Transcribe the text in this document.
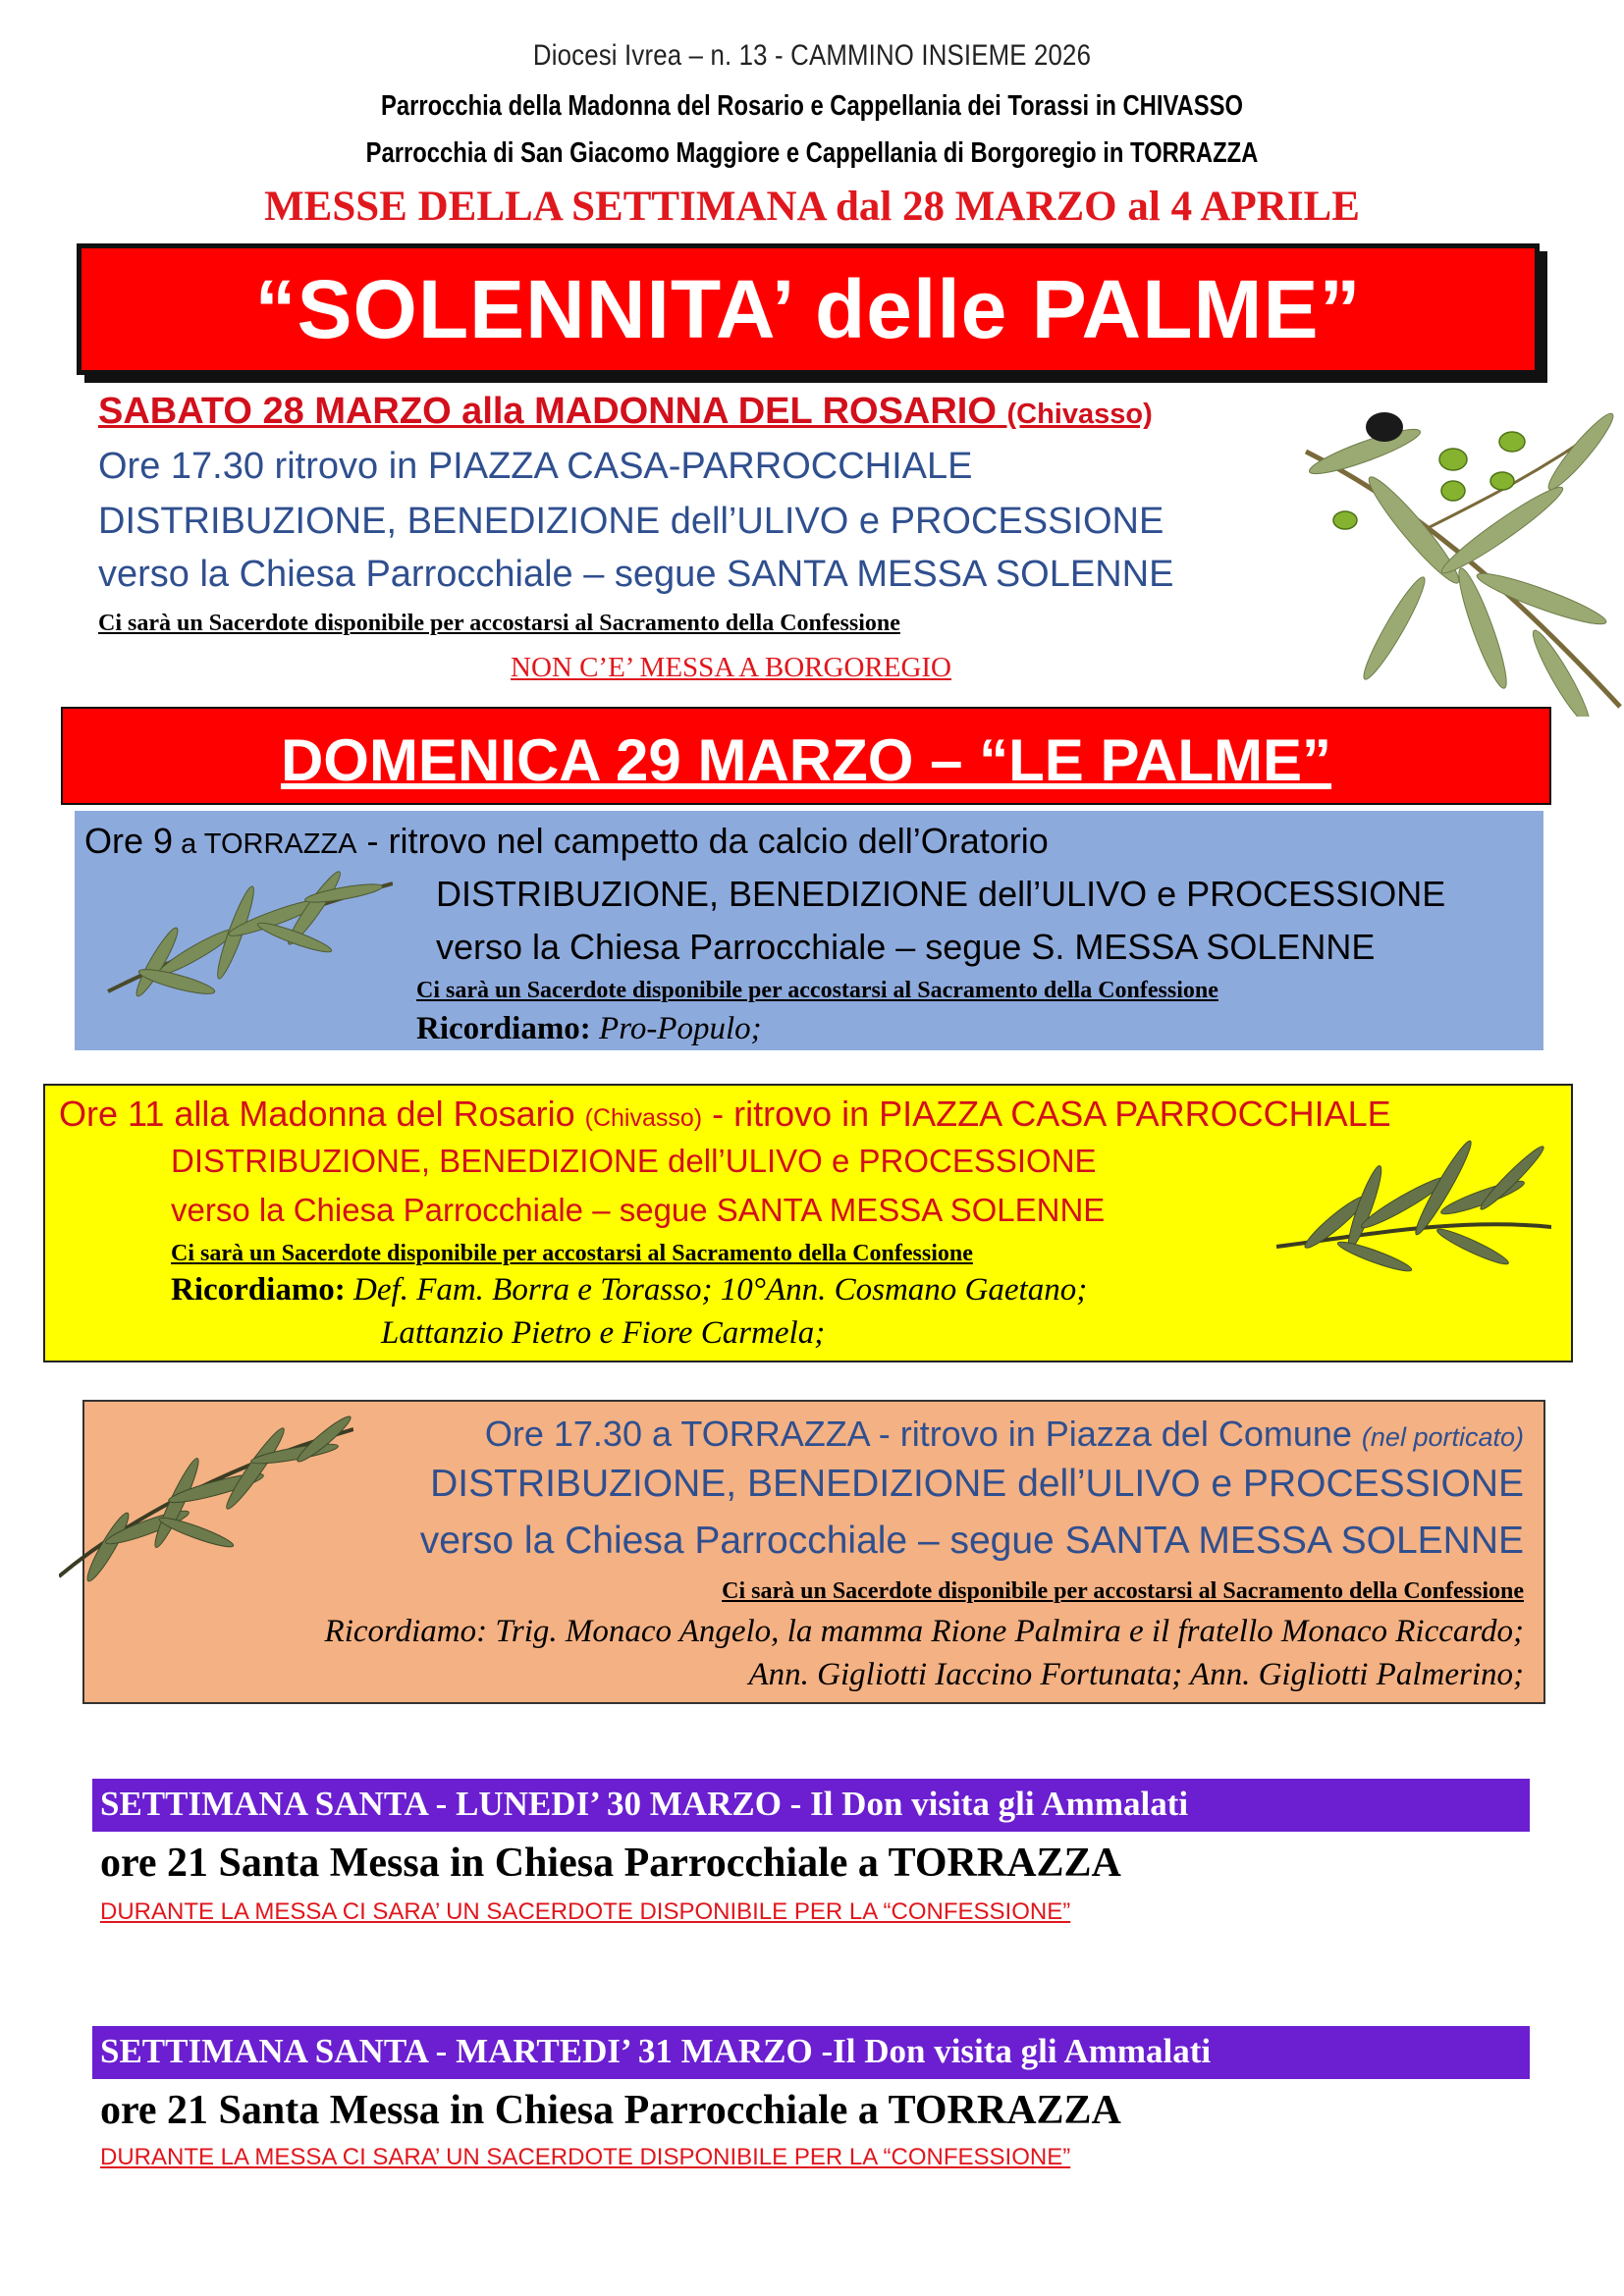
Diocesi Ivrea – n. 13 - CAMMINO INSIEME 2026
Parrocchia della Madonna del Rosario e Cappellania dei Torassi in CHIVASSO
Parrocchia di San Giacomo Maggiore e Cappellania di Borgoregio in TORRAZZA
MESSE DELLA SETTIMANA dal 28 MARZO al 4 APRILE
“SOLENNITA’ delle PALME”
SABATO 28 MARZO alla MADONNA DEL ROSARIO (Chivasso)
Ore 17.30 ritrovo in PIAZZA CASA-PARROCCHIALE
DISTRIBUZIONE, BENEDIZIONE dell’ULIVO e PROCESSIONE
verso la Chiesa Parrocchiale – segue SANTA MESSA SOLENNE
Ci sarà un Sacerdote disponibile per accostarsi al Sacramento della Confessione
NON C’E’ MESSA A BORGOREGIO
DOMENICA 29 MARZO – “LE PALME”
Ore 9 a TORRAZZA - ritrovo nel campetto da calcio dell’Oratorio
DISTRIBUZIONE, BENEDIZIONE dell’ULIVO e PROCESSIONE
verso la Chiesa Parrocchiale – segue S. MESSA SOLENNE
Ci sarà un Sacerdote disponibile per accostarsi al Sacramento della Confessione
Ricordiamo: Pro-Populo;
Ore 11 alla Madonna del Rosario (Chivasso) - ritrovo in PIAZZA CASA PARROCCHIALE
DISTRIBUZIONE, BENEDIZIONE dell’ULIVO e PROCESSIONE
verso la Chiesa Parrocchiale – segue SANTA MESSA SOLENNE
Ci sarà un Sacerdote disponibile per accostarsi al Sacramento della Confessione
Ricordiamo: Def. Fam. Borra e Torasso; 10°Ann. Cosmano Gaetano;
Lattanzio Pietro e Fiore Carmela;
Ore 17.30 a TORRAZZA - ritrovo in Piazza del Comune (nel porticato)
DISTRIBUZIONE, BENEDIZIONE dell’ULIVO e PROCESSIONE
verso la Chiesa Parrocchiale – segue SANTA MESSA SOLENNE
Ci sarà un Sacerdote disponibile per accostarsi al Sacramento della Confessione
Ricordiamo: Trig. Monaco Angelo, la mamma Rione Palmira e il fratello Monaco Riccardo;
Ann. Gigliotti Iaccino Fortunata; Ann. Gigliotti Palmerino;
SETTIMANA SANTA - LUNEDI’ 30 MARZO - Il Don visita gli Ammalati
ore 21 Santa Messa in Chiesa Parrocchiale a TORRAZZA
DURANTE LA MESSA CI SARA’ UN SACERDOTE DISPONIBILE PER LA “CONFESSIONE”
SETTIMANA SANTA - MARTEDI’ 31 MARZO -Il Don visita gli Ammalati
ore 21 Santa Messa in Chiesa Parrocchiale a TORRAZZA
DURANTE LA MESSA CI SARA’ UN SACERDOTE DISPONIBILE PER LA “CONFESSIONE”
